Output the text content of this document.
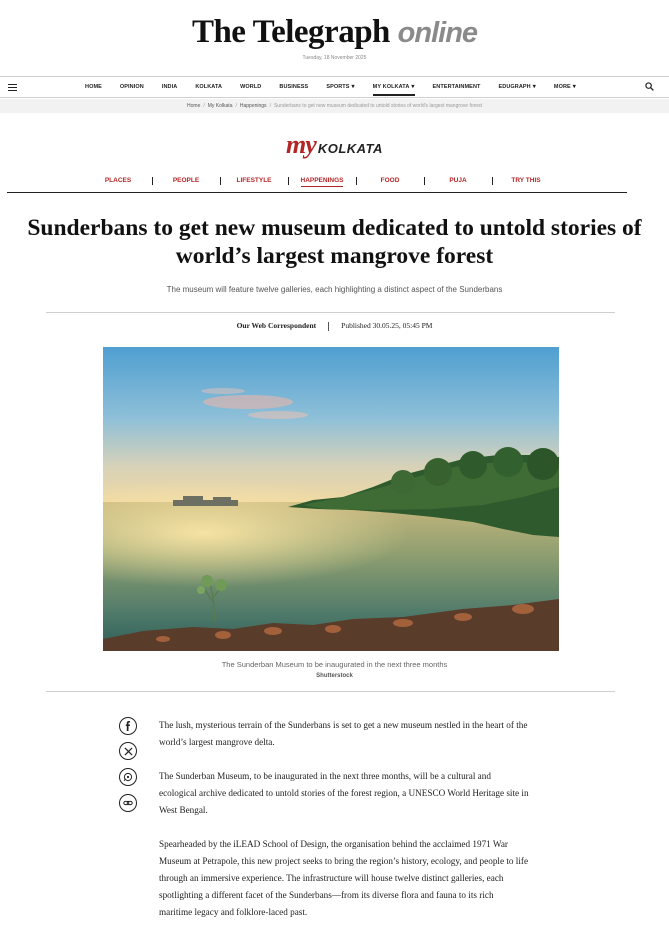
The Telegraph online
Tuesday, 18 November 2025
HOME	OPINION	INDIA	KOLKATA	WORLD	BUSINESS	SPORTS ▾	MY KOLKATA ▾	ENTERTAINMENT	EDUGRAPH ▾	MORE ▾
Home / My Kolkata / Happenings / Sunderbans to get new museum dedicated to untold stories of world's largest mangrove forest
my KOLKATA
PLACES	PEOPLE	LIFESTYLE	HAPPENINGS	FOOD	PUJA	TRY THIS
Sunderbans to get new museum dedicated to untold stories of world’s largest mangrove forest
The museum will feature twelve galleries, each highlighting a distinct aspect of the Sunderbans
Our Web Correspondent	Published 30.05.25, 05:45 PM
The Sunderban Museum to be inaugurated in the next three months
Shutterstock

The lush, mysterious terrain of the Sunderbans is set to get a new museum nestled in the heart of the world’s largest mangrove delta.

The Sunderban Museum, to be inaugurated in the next three months, will be a cultural and ecological archive dedicated to untold stories of the forest region, a UNESCO World Heritage site in West Bengal.

Spearheaded by the iLEAD School of Design, the organisation behind the acclaimed 1971 War Museum at Petrapole, this new project seeks to bring the region’s history, ecology, and people to life through an immersive experience. The infrastructure will house twelve distinct galleries, each spotlighting a different facet of the Sunderbans—from its diverse flora and fauna to its rich maritime legacy and folklore-laced past.
